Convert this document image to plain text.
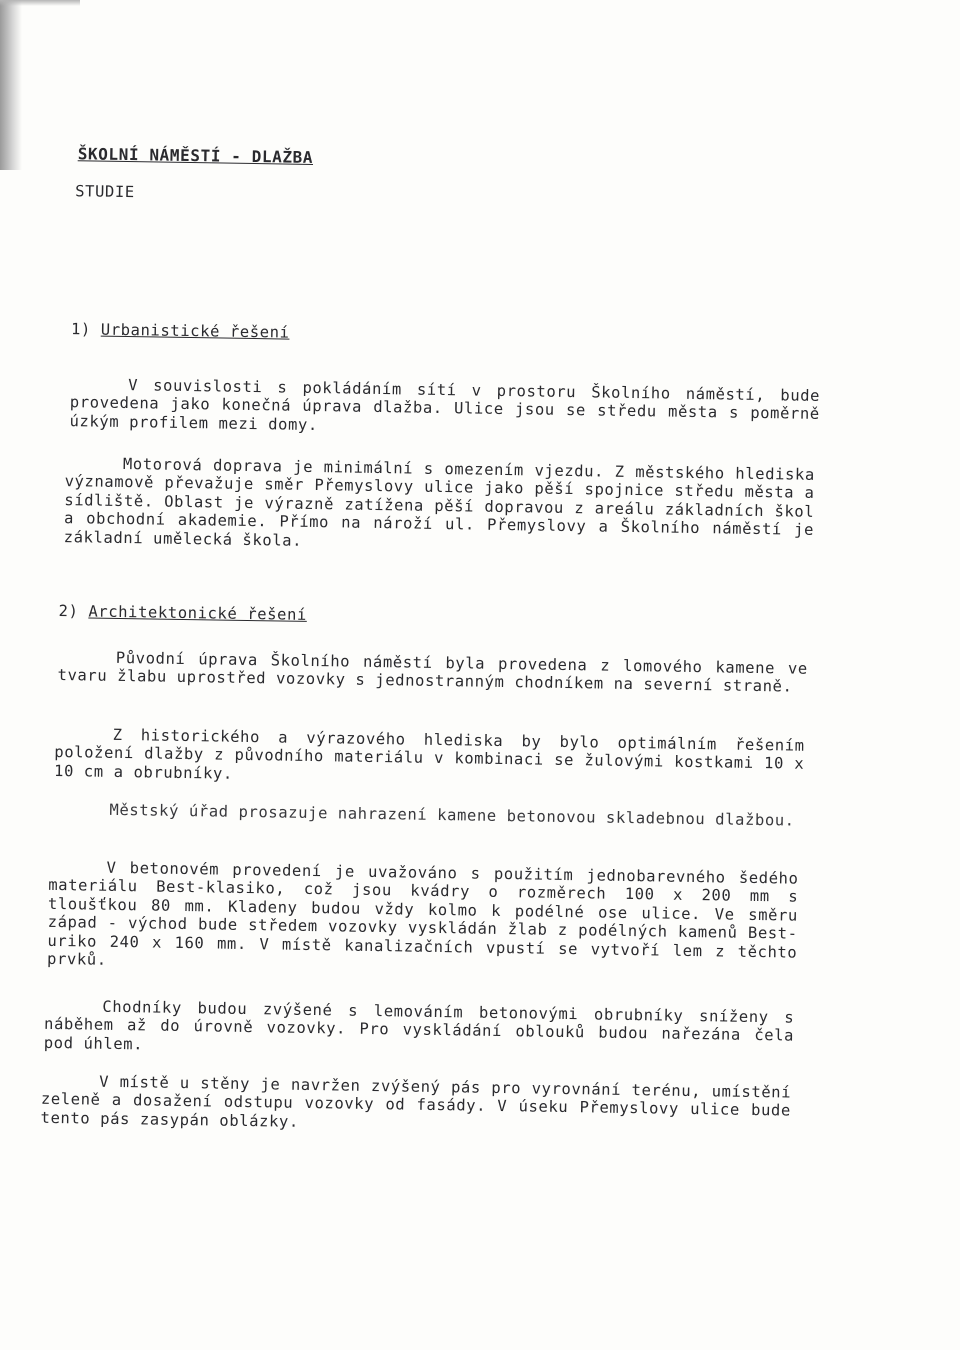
ŠKOLNÍ NÁMĚSTÍ - DLAŽBA

STUDIE

1) Urbanistické řešení

V souvislosti s pokládáním sítí v prostoru Školního náměstí, bude provedena jako konečná úprava dlažba. Ulice jsou se středu města s poměrně úzkým profilem mezi domy.

Motorová doprava je minimální s omezením vjezdu. Z městského hlediska významově převažuje směr Přemyslovy ulice jako pěší spojnice středu města a sídliště. Oblast je výrazně zatížena pěší dopravou z areálu základních škol a obchodní akademie. Přímo na nároží ul. Přemyslovy a Školního náměstí je základní umělecká škola.

2) Architektonické řešení

Původní úprava Školního náměstí byla provedena z lomového kamene ve tvaru žlabu uprostřed vozovky s jednostranným chodníkem na severní straně.

Z historického a výrazového hlediska by bylo optimálním řešením položení dlažby z původního materiálu v kombinaci se žulovými kostkami 10 x 10 cm a obrubníky.

Městský úřad prosazuje nahrazení kamene betonovou skladebnou dlažbou.

V betonovém provedení je uvažováno s použitím jednobarevného šedého materiálu Best-klasiko, což jsou kvádry o rozměrech 100 x 200 mm s tloušťkou 80 mm. Kladeny budou vždy kolmo k podélné ose ulice. Ve směru západ - východ bude středem vozovky vyskládán žlab z podélných kamenů Best-uriko 240 x 160 mm. V místě kanalizačních vpustí se vytvoří lem z těchto prvků.

Chodníky budou zvýšené s lemováním betonovými obrubníky sníženy s náběhem až do úrovně vozovky. Pro vyskládání oblouků budou nařezána čela pod úhlem.

V místě u stěny je navržen zvýšený pás pro vyrovnání terénu, umístění zeleně a dosažení odstupu vozovky od fasády. V úseku Přemyslovy ulice bude tento pás zasypán oblázky.
